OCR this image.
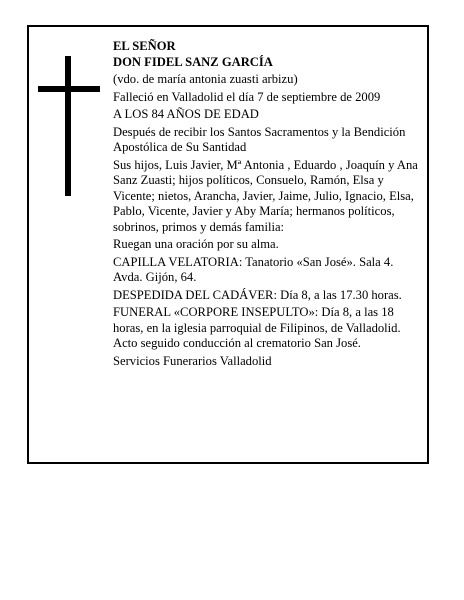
EL SEÑOR

DON FIDEL SANZ GARCÍA

(vdo. de maría antonia zuasti arbizu)

Falleció en Valladolid el día 7 de septiembre de 2009

A LOS 84 AÑOS DE EDAD

Después de recibir los Santos Sacramentos y la Bendición Apostólica de Su Santidad

Sus hijos, Luis Javier, Mª Antonia , Eduardo , Joaquín y Ana Sanz Zuasti; hijos políticos, Consuelo, Ramón, Elsa y Vicente; nietos, Arancha, Javier, Jaime, Julio, Ignacio, Elsa, Pablo, Vicente, Javier y Aby María; hermanos políticos, sobrinos, primos y demás familia:

Ruegan una oración por su alma.

CAPILLA VELATORIA: Tanatorio «San José». Sala 4. Avda. Gijón, 64.

DESPEDIDA DEL CADÁVER: Día 8, a las 17.30 horas.

FUNERAL «CORPORE INSEPULTO»: Día 8, a las 18 horas, en la iglesia parroquial de Filipinos, de Valladolid. Acto seguido conducción al crematorio San José.

Servicios Funerarios Valladolid
